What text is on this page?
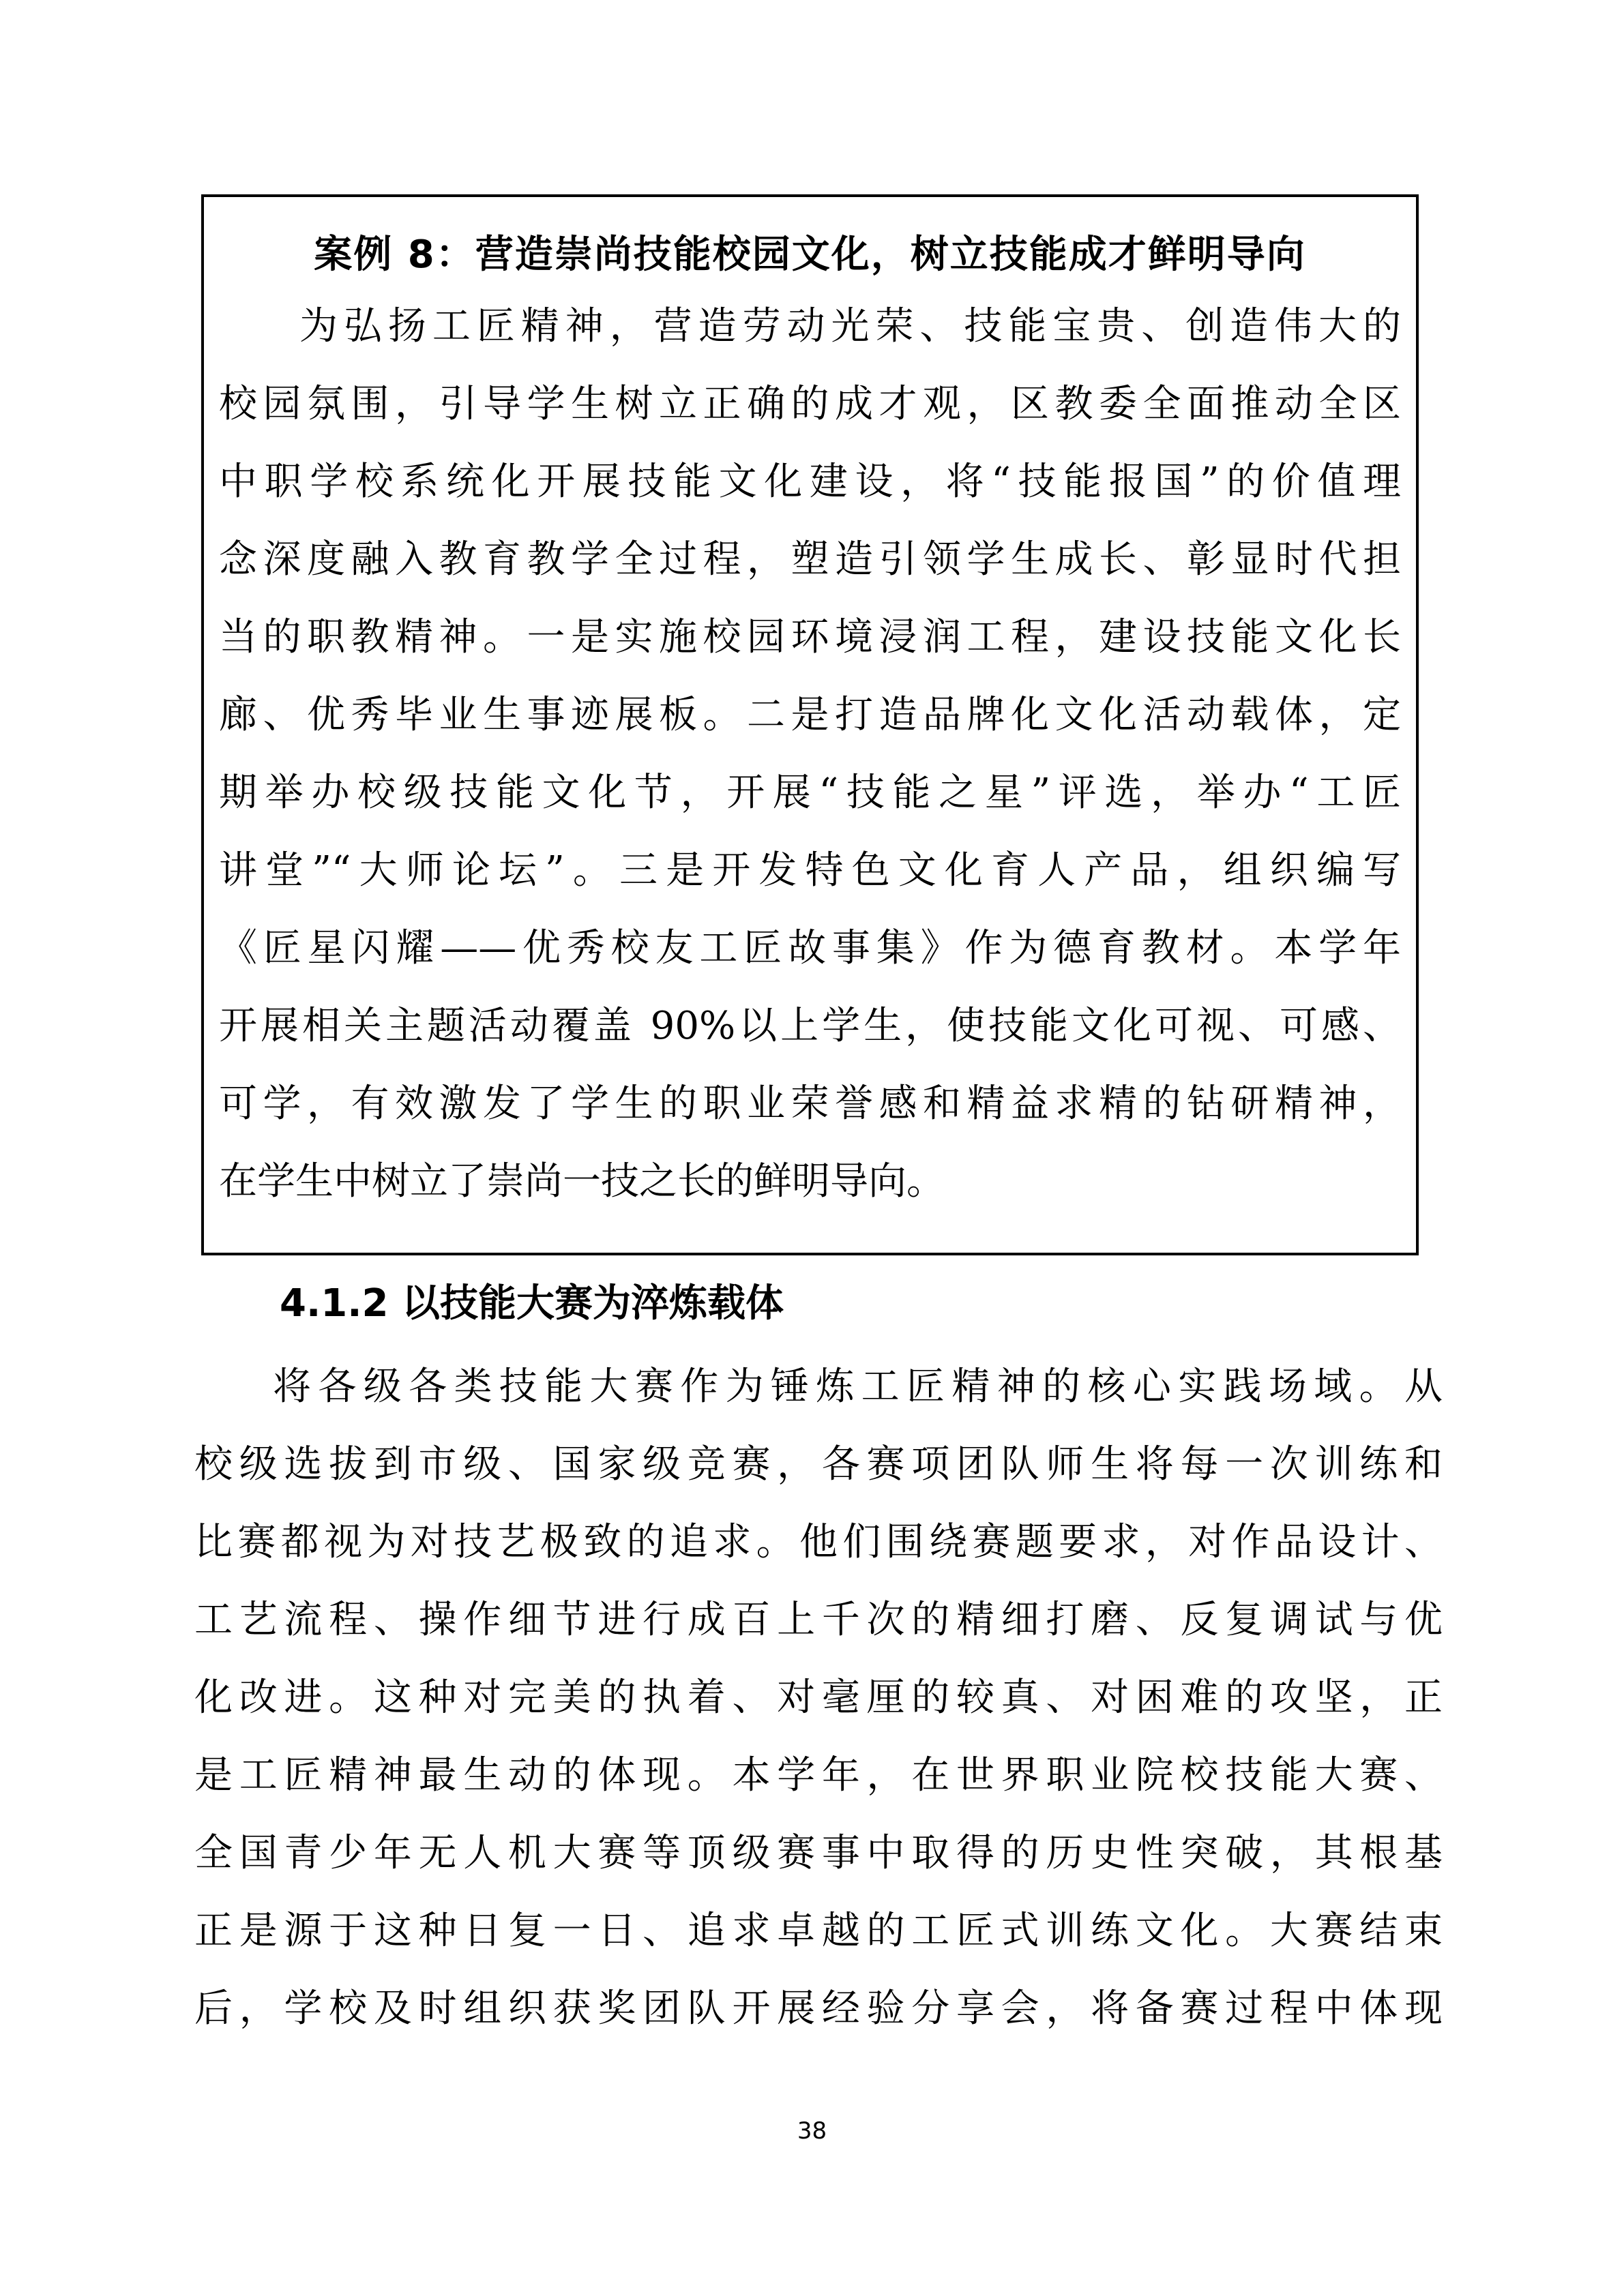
案例 8：营造崇尚技能校园文化，树立技能成才鲜明导向
为弘扬工匠精神，营造劳动光荣、技能宝贵、创造伟大的
校园氛围，引导学生树立正确的成才观，区教委全面推动全区
中职学校系统化开展技能文化建设，将“技能报国”的价值理
念深度融入教育教学全过程，塑造引领学生成长、彰显时代担
当的职教精神。一是实施校园环境浸润工程，建设技能文化长
廊、优秀毕业生事迹展板。二是打造品牌化文化活动载体，定
期举办校级技能文化节，开展“技能之星”评选，举办“工匠
讲堂”“大师论坛”。三是开发特色文化育人产品，组织编写
《匠星闪耀——优秀校友工匠故事集》作为德育教材。本学年
开展相关主题活动覆盖 90%以上学生，使技能文化可视、可感、
可学，有效激发了学生的职业荣誉感和精益求精的钻研精神，
在学生中树立了崇尚一技之长的鲜明导向。
4.1.2 以技能大赛为淬炼载体
将各级各类技能大赛作为锤炼工匠精神的核心实践场域。从
校级选拔到市级、国家级竞赛，各赛项团队师生将每一次训练和
比赛都视为对技艺极致的追求。他们围绕赛题要求，对作品设计、
工艺流程、操作细节进行成百上千次的精细打磨、反复调试与优
化改进。这种对完美的执着、对毫厘的较真、对困难的攻坚，正
是工匠精神最生动的体现。本学年，在世界职业院校技能大赛、
全国青少年无人机大赛等顶级赛事中取得的历史性突破，其根基
正是源于这种日复一日、追求卓越的工匠式训练文化。大赛结束
后，学校及时组织获奖团队开展经验分享会，将备赛过程中体现
38
